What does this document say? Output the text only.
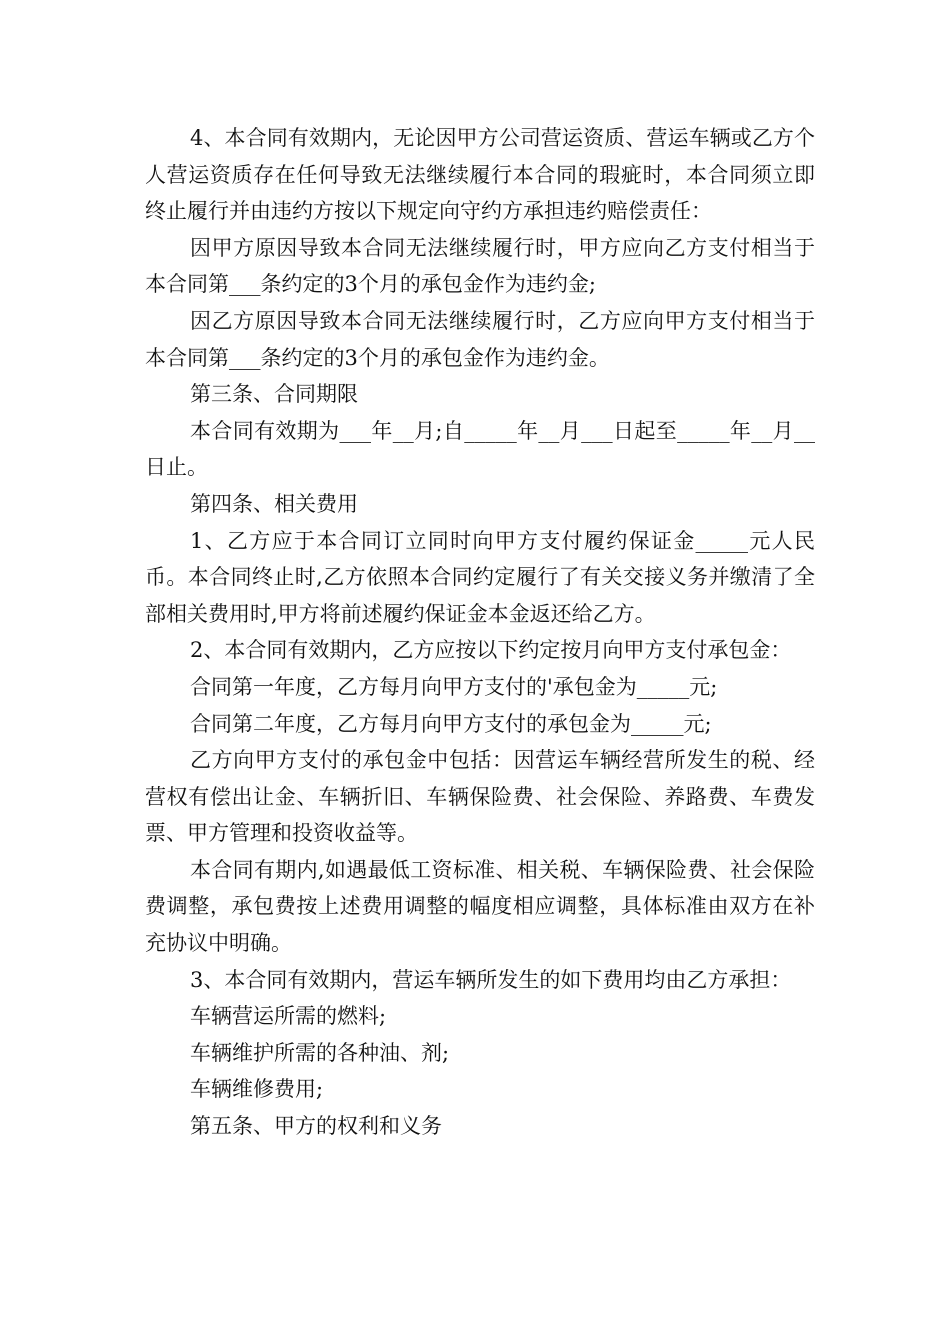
4、本合同有效期内，无论因甲方公司营运资质、营运车辆或乙方个人营运资质存在任何导致无法继续履行本合同的瑕疵时，本合同须立即终止履行并由违约方按以下规定向守约方承担违约赔偿责任：

因甲方原因导致本合同无法继续履行时，甲方应向乙方支付相当于本合同第___条约定的3个月的承包金作为违约金;

因乙方原因导致本合同无法继续履行时，乙方应向甲方支付相当于本合同第___条约定的3个月的承包金作为违约金。

第三条、合同期限

本合同有效期为___年__月;自_____年__月___日起至_____年__月__日止。

第四条、相关费用

1、乙方应于本合同订立同时向甲方支付履约保证金_____元人民币。本合同终止时,乙方依照本合同约定履行了有关交接义务并缴清了全部相关费用时,甲方将前述履约保证金本金返还给乙方。

2、本合同有效期内，乙方应按以下约定按月向甲方支付承包金：

合同第一年度，乙方每月向甲方支付的'承包金为_____元;

合同第二年度，乙方每月向甲方支付的承包金为_____元;

乙方向甲方支付的承包金中包括：因营运车辆经营所发生的税、经营权有偿出让金、车辆折旧、车辆保险费、社会保险、养路费、车费发票、甲方管理和投资收益等。

本合同有期内,如遇最低工资标准、相关税、车辆保险费、社会保险费调整，承包费按上述费用调整的幅度相应调整，具体标准由双方在补充协议中明确。

3、本合同有效期内，营运车辆所发生的如下费用均由乙方承担：

车辆营运所需的燃料;

车辆维护所需的各种油、剂;

车辆维修费用;

第五条、甲方的权利和义务
